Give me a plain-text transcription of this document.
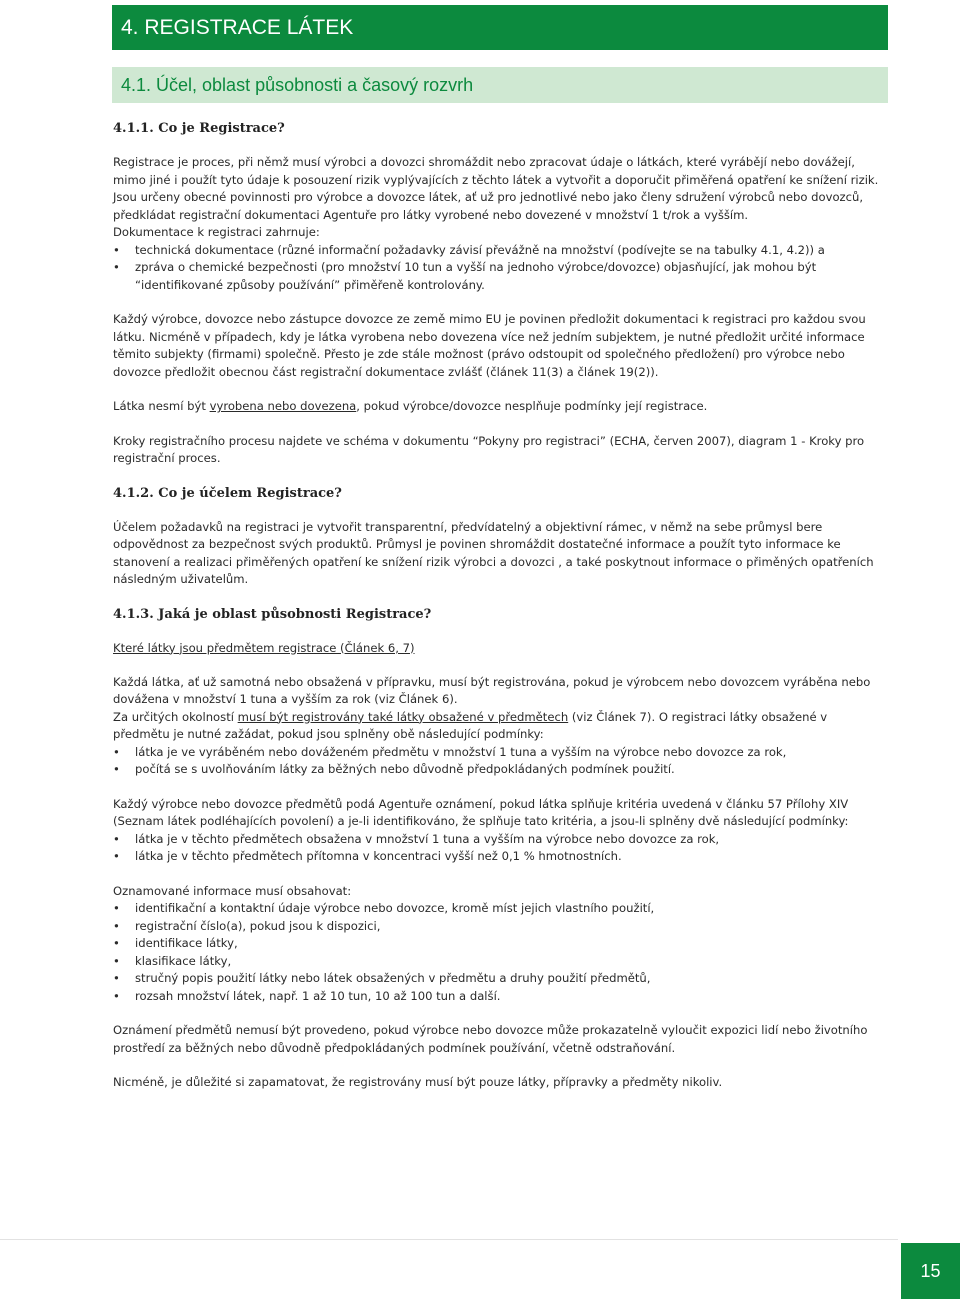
4. REGISTRACE LÁTEK
4.1. Účel, oblast působnosti a časový rozvrh
4.1.1. Co je Registrace?

Registrace je proces, při němž musí výrobci a dovozci shromáždit nebo zpracovat údaje o látkách, které vyrábějí nebo dovážejí, mimo jiné i použít tyto údaje k posouzení rizik vyplývajících z těchto látek a vytvořit a doporučit přiměřená opatření ke snížení rizik.

Jsou určeny obecné povinnosti pro výrobce a dovozce látek, ať už pro jednotlivé nebo jako členy sdružení výrobců nebo dovozců, předkládat registrační dokumentaci Agentuře pro látky vyrobené nebo dovezené v množství 1 t/rok a vyšším.

Dokumentace k registraci zahrnuje:

• technická dokumentace (různé informační požadavky závisí převážně na množství (podívejte se na tabulky 4.1, 4.2)) a
• zpráva o chemické bezpečnosti (pro množství 10 tun a vyšší na jednoho výrobce/dovozce) objasňující, jak mohou být “identifikované způsoby používání” přiměřeně kontrolovány.

Každý výrobce, dovozce nebo zástupce dovozce ze země mimo EU je povinen předložit dokumentaci k registraci pro každou svou látku. Nicméně v případech, kdy je látka vyrobena nebo dovezena více než jedním subjektem, je nutné předložit určité informace těmito subjekty (firmami) společně. Přesto je zde stále možnost (právo odstoupit od společného předložení) pro výrobce nebo dovozce předložit obecnou část registrační dokumentace zvlášť (článek 11(3) a článek 19(2)).

Látka nesmí být vyrobena nebo dovezena, pokud výrobce/dovozce nesplňuje podmínky její registrace.

Kroky registračního procesu najdete ve schéma v dokumentu “Pokyny pro registraci” (ECHA, červen 2007), diagram 1 - Kroky pro registrační proces.

4.1.2. Co je účelem Registrace?

Účelem požadavků na registraci je vytvořit transparentní, předvídatelný a objektivní rámec, v němž na sebe průmysl bere odpovědnost za bezpečnost svých produktů. Průmysl je povinen shromáždit dostatečné informace a použít tyto informace ke stanovení a realizaci přiměřených opatření ke snížení rizik výrobci a dovozci , a také poskytnout informace o přiměných opatřeních následným uživatelům.

4.1.3. Jaká je oblast působnosti Registrace?
Které látky jsou předmětem registrace (Článek 6, 7)

Každá látka, ať už samotná nebo obsažená v přípravku, musí být registrována, pokud je výrobcem nebo dovozcem vyráběna nebo dovážena v množství 1 tuna a vyšším za rok (viz Článek 6).

Za určitých okolností musí být registrovány také látky obsažené v předmětech (viz Článek 7). O registraci látky obsažené v předmětu je nutné zažádat, pokud jsou splněny obě následující podmínky:

• látka je ve vyráběném nebo dováženém předmětu v množství 1 tuna a vyšším na výrobce nebo dovozce za rok,
• počítá se s uvolňováním látky za běžných nebo důvodně předpokládaných podmínek použití.

Každý výrobce nebo dovozce předmětů podá Agentuře oznámení, pokud látka splňuje kritéria uvedená v článku 57 Přílohy XIV (Seznam látek podléhajících povolení) a je-li identifikováno, že splňuje tato kritéria, a jsou-li splněny dvě následující podmínky:

• látka je v těchto předmětech obsažena v množství 1 tuna a vyšším na výrobce nebo dovozce za rok,
• látka je v těchto předmětech přítomna v koncentraci vyšší než 0,1 % hmotnostních.

Oznamované informace musí obsahovat:

• identifikační a kontaktní údaje výrobce nebo dovozce, kromě míst jejich vlastního použití,
• registrační číslo(a), pokud jsou k dispozici,
• identifikace látky,
• klasifikace látky,
• stručný popis použití látky nebo látek obsažených v předmětu a druhy použití předmětů,
• rozsah množství látek, např. 1 až 10 tun, 10 až 100 tun a další.

Oznámení předmětů nemusí být provedeno, pokud výrobce nebo dovozce může prokazatelně vyloučit expozici lidí nebo životního prostředí za běžných nebo důvodně předpokládaných podmínek používání, včetně odstraňování.

Nicméně, je důležité si zapamatovat, že registrovány musí být pouze látky, přípravky a předměty nikoliv.

15
